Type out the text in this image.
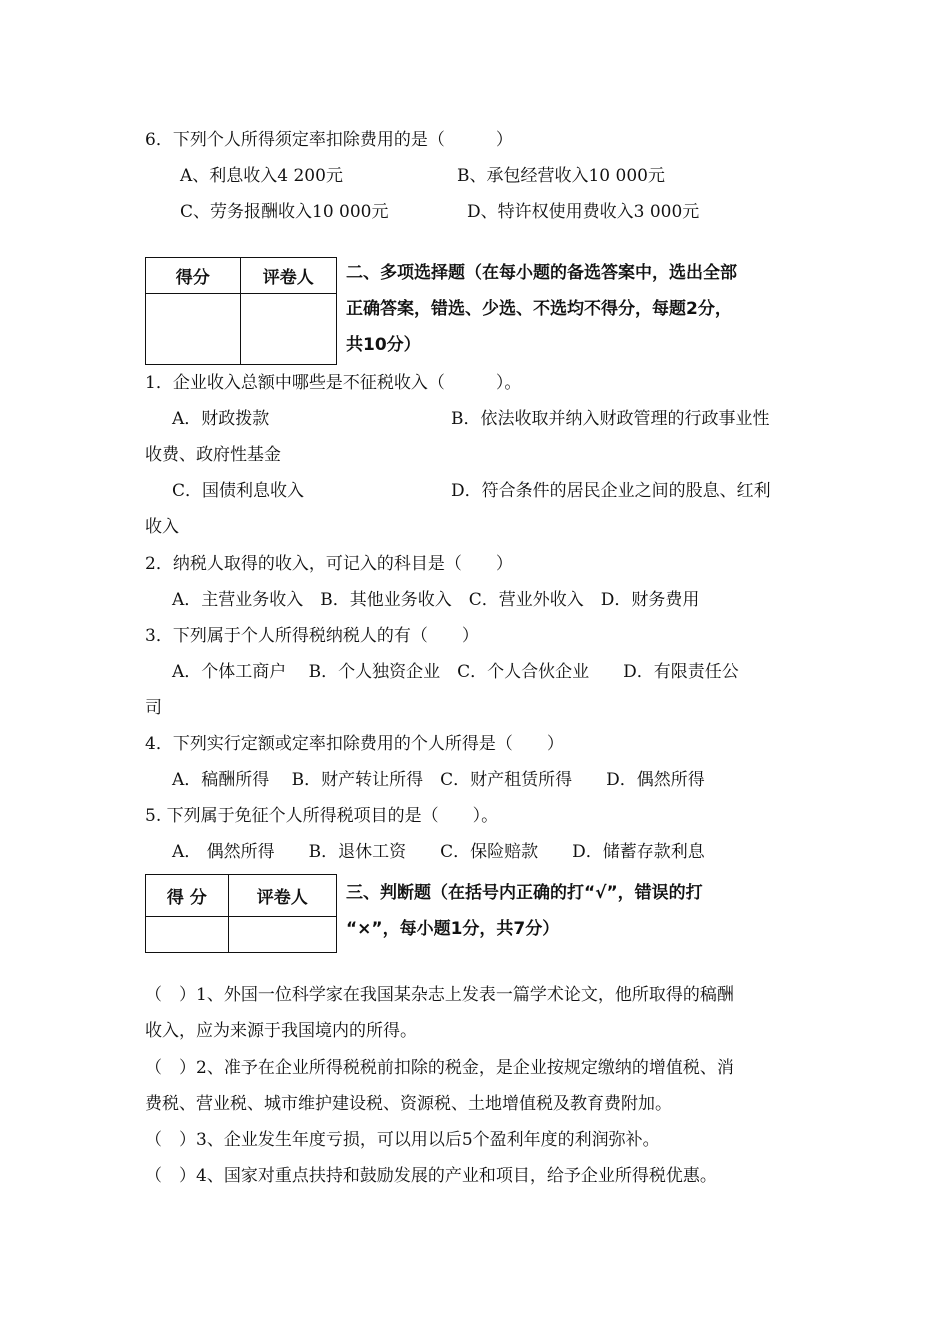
6．下列个人所得须定率扣除费用的是（　　　）
A、利息收入4 200元	B、承包经营收入10 000元
C、劳务报酬收入10 000元	D、特许权使用费收入3 000元
得分	评卷人
	二、多项选择题（在每小题的备选答案中，选出全部
正确答案，错选、少选、不选均不得分，每题2分，
共10分）
1．企业收入总额中哪些是不征税收入（　　　）。
A．财政拨款	B．依法收取并纳入财政管理的行政事业性
收费、政府性基金
C．国债利息收入	D．符合条件的居民企业之间的股息、红利
收入
2．纳税人取得的收入，可记入的科目是（　　）
A．主营业务收入　B．其他业务收入　C．营业外收入　D．财务费用
3．下列属于个人所得税纳税人的有（　　）
A．个体工商户　 B．个人独资企业　C．个人合伙企业　　D．有限责任公
司
4．下列实行定额或定率扣除费用的个人所得是（　　）
A．稿酬所得　 B．财产转让所得　C．财产租赁所得　　D．偶然所得
5. 下列属于免征个人所得税项目的是（　　）。
A． 偶然所得　　B．退休工资　　C．保险赔款　　D．储蓄存款利息
得 分	评卷人
	三、判断题（在括号内正确的打“√”，错误的打
“×”，每小题1分，共7分）
（　）1、外国一位科学家在我国某杂志上发表一篇学术论文，他所取得的稿酬
收入，应为来源于我国境内的所得。
（　）2、准予在企业所得税税前扣除的税金，是企业按规定缴纳的增值税、消
费税、营业税、城市维护建设税、资源税、土地增值税及教育费附加。
（　）3、企业发生年度亏损，可以用以后5个盈利年度的利润弥补。
（　）4、国家对重点扶持和鼓励发展的产业和项目，给予企业所得税优惠。
